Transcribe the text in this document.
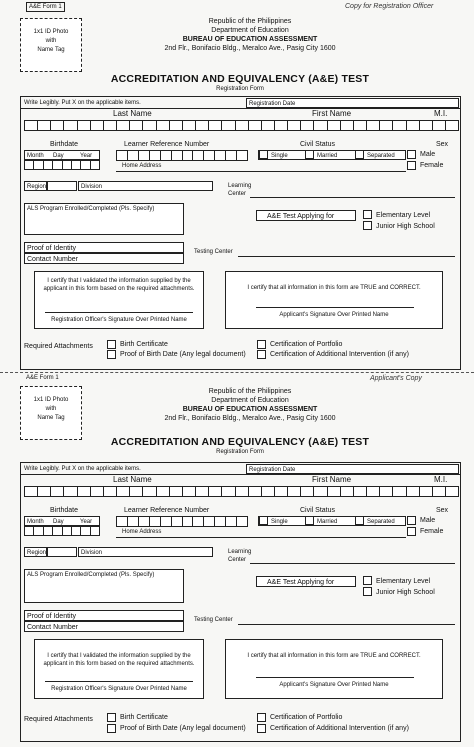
A&E Form 1	Copy for Registration Officer
1x1 ID Photo
with
Name Tag
Republic of the Philippines
Department of Education
BUREAU OF EDUCATION ASSESSMENT
2nd Flr., Bonifacio Bldg., Meralco Ave., Pasig City 1600
ACCREDITATION AND EQUIVALENCY (A&E) TEST
Registration Form
Write Legibly. Put X on the applicable items.	Registration Date
Last Name	First Name	M.I.
Birthdate
Month Day	Year
Learner Reference Number
Home Address
Civil Status
Single	Married	Separated
Sex
Male
Female
Region	Division	Learning
Center
ALS Program Enrolled/Completed (Pls. Specify)
A&E Test Applying for	Elementary Level
Junior High School
Proof of Identity
Contact Number
Testing Center
I certify that I validated the information supplied by the applicant in this form based on the required attachments.
Registration Officer's Signature Over Printed Name
I certify that all information in this form are TRUE and CORRECT.
Applicant's Signature Over Printed Name
Required Attachments	Birth Certificate
Proof of Birth Date (Any legal document)
Certification of Portfolio
Certification of Additional Intervention (if any)
A&E Form 1	Applicant's Copy
1x1 ID Photo
with
Name Tag
Republic of the Philippines
Department of Education
BUREAU OF EDUCATION ASSESSMENT
2nd Flr., Bonifacio Bldg., Meralco Ave., Pasig City 1600
ACCREDITATION AND EQUIVALENCY (A&E) TEST
Registration Form
Write Legibly. Put X on the applicable items.	Registration Date
Last Name	First Name	M.I.
Birthdate
Month Day	Year
Learner Reference Number
Home Address
Civil Status
Single	Married	Separated
Sex
Male
Female
Region	Division	Learning
Center
ALS Program Enrolled/Completed (Pls. Specify)
A&E Test Applying for	Elementary Level
Junior High School
Proof of Identity
Contact Number
Testing Center
I certify that I validated the information supplied by the applicant in this form based on the required attachments.
Registration Officer's Signature Over Printed Name
I certify that all information in this form are TRUE and CORRECT.
Applicant's Signature Over Printed Name
Required Attachments	Birth Certificate
Proof of Birth Date (Any legal document)
Certification of Portfolio
Certification of Additional Intervention (if any)
